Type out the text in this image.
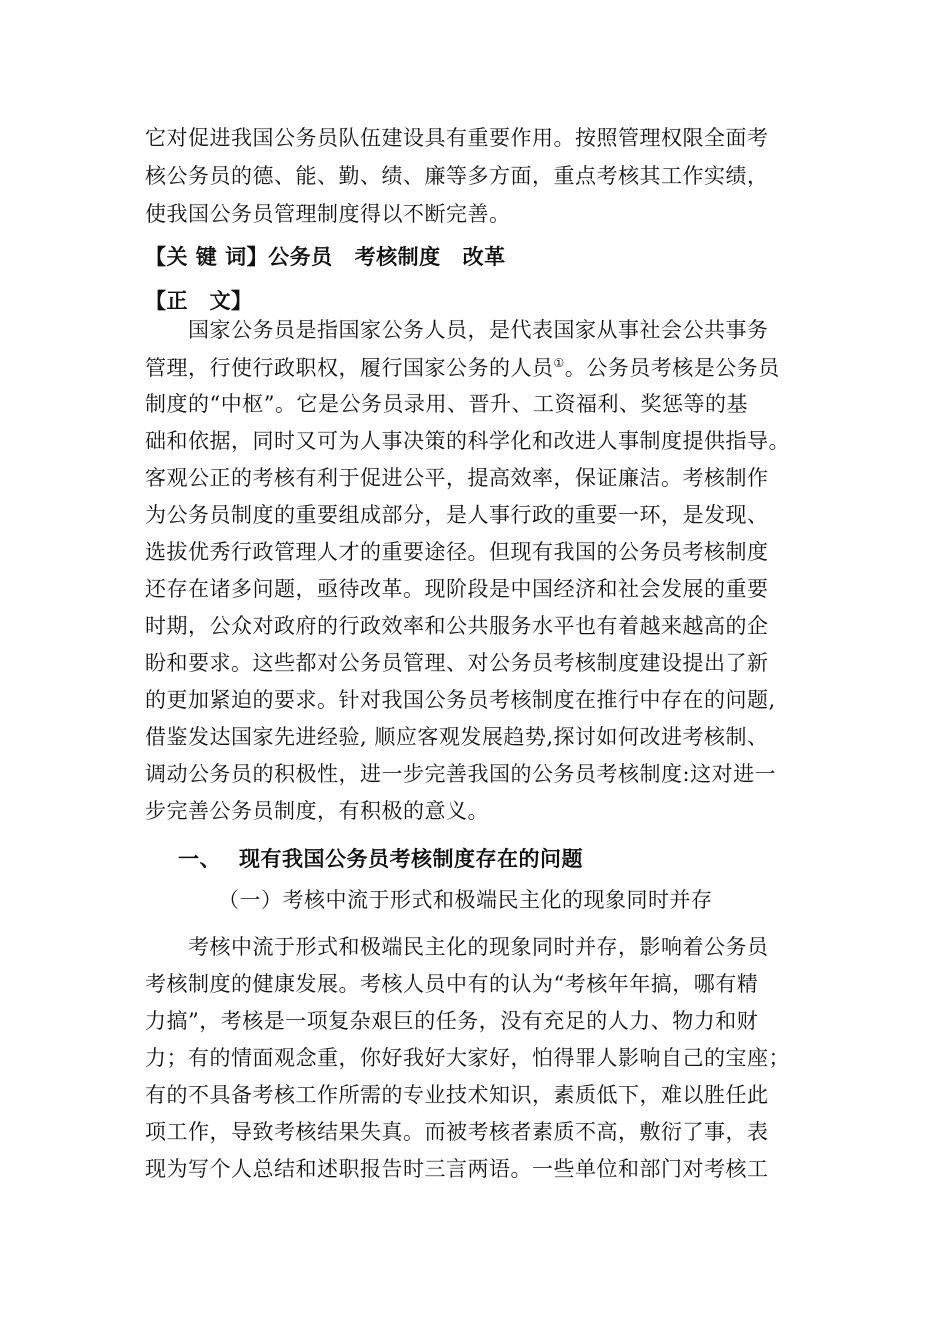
它对促进我国公务员队伍建设具有重要作用。按照管理权限全面考
核公务员的德、能、勤、绩、廉等多方面，重点考核其工作实绩，
使我国公务员管理制度得以不断完善。
【关 键 词】公务员 考核制度 改革
【正　文】
　　国家公务员是指国家公务人员，是代表国家从事社会公共事务
管理，行使行政职权，履行国家公务的人员①。公务员考核是公务员
制度的“中枢”。它是公务员录用、晋升、工资福利、奖惩等的基
础和依据，同时又可为人事决策的科学化和改进人事制度提供指导。
客观公正的考核有利于促进公平，提高效率，保证廉洁。考核制作
为公务员制度的重要组成部分，是人事行政的重要一环，是发现、
选拔优秀行政管理人才的重要途径。但现有我国的公务员考核制度
还存在诸多问题，亟待改革。现阶段是中国经济和社会发展的重要
时期，公众对政府的行政效率和公共服务水平也有着越来越高的企
盼和要求。这些都对公务员管理、对公务员考核制度建设提出了新
的更加紧迫的要求。针对我国公务员考核制度在推行中存在的问题,
借鉴发达国家先进经验, 顺应客观发展趋势,探讨如何改进考核制、
调动公务员的积极性，进一步完善我国的公务员考核制度:这对进一
步完善公务员制度，有积极的意义。
一、 现有我国公务员考核制度存在的问题
（一）考核中流于形式和极端民主化的现象同时并存
　　考核中流于形式和极端民主化的现象同时并存，影响着公务员
考核制度的健康发展。考核人员中有的认为“考核年年搞，哪有精
力搞”，考核是一项复杂艰巨的任务，没有充足的人力、物力和财
力；有的情面观念重，你好我好大家好，怕得罪人影响自己的宝座；
有的不具备考核工作所需的专业技术知识，素质低下，难以胜任此
项工作，导致考核结果失真。而被考核者素质不高，敷衍了事，表
现为写个人总结和述职报告时三言两语。一些单位和部门对考核工
